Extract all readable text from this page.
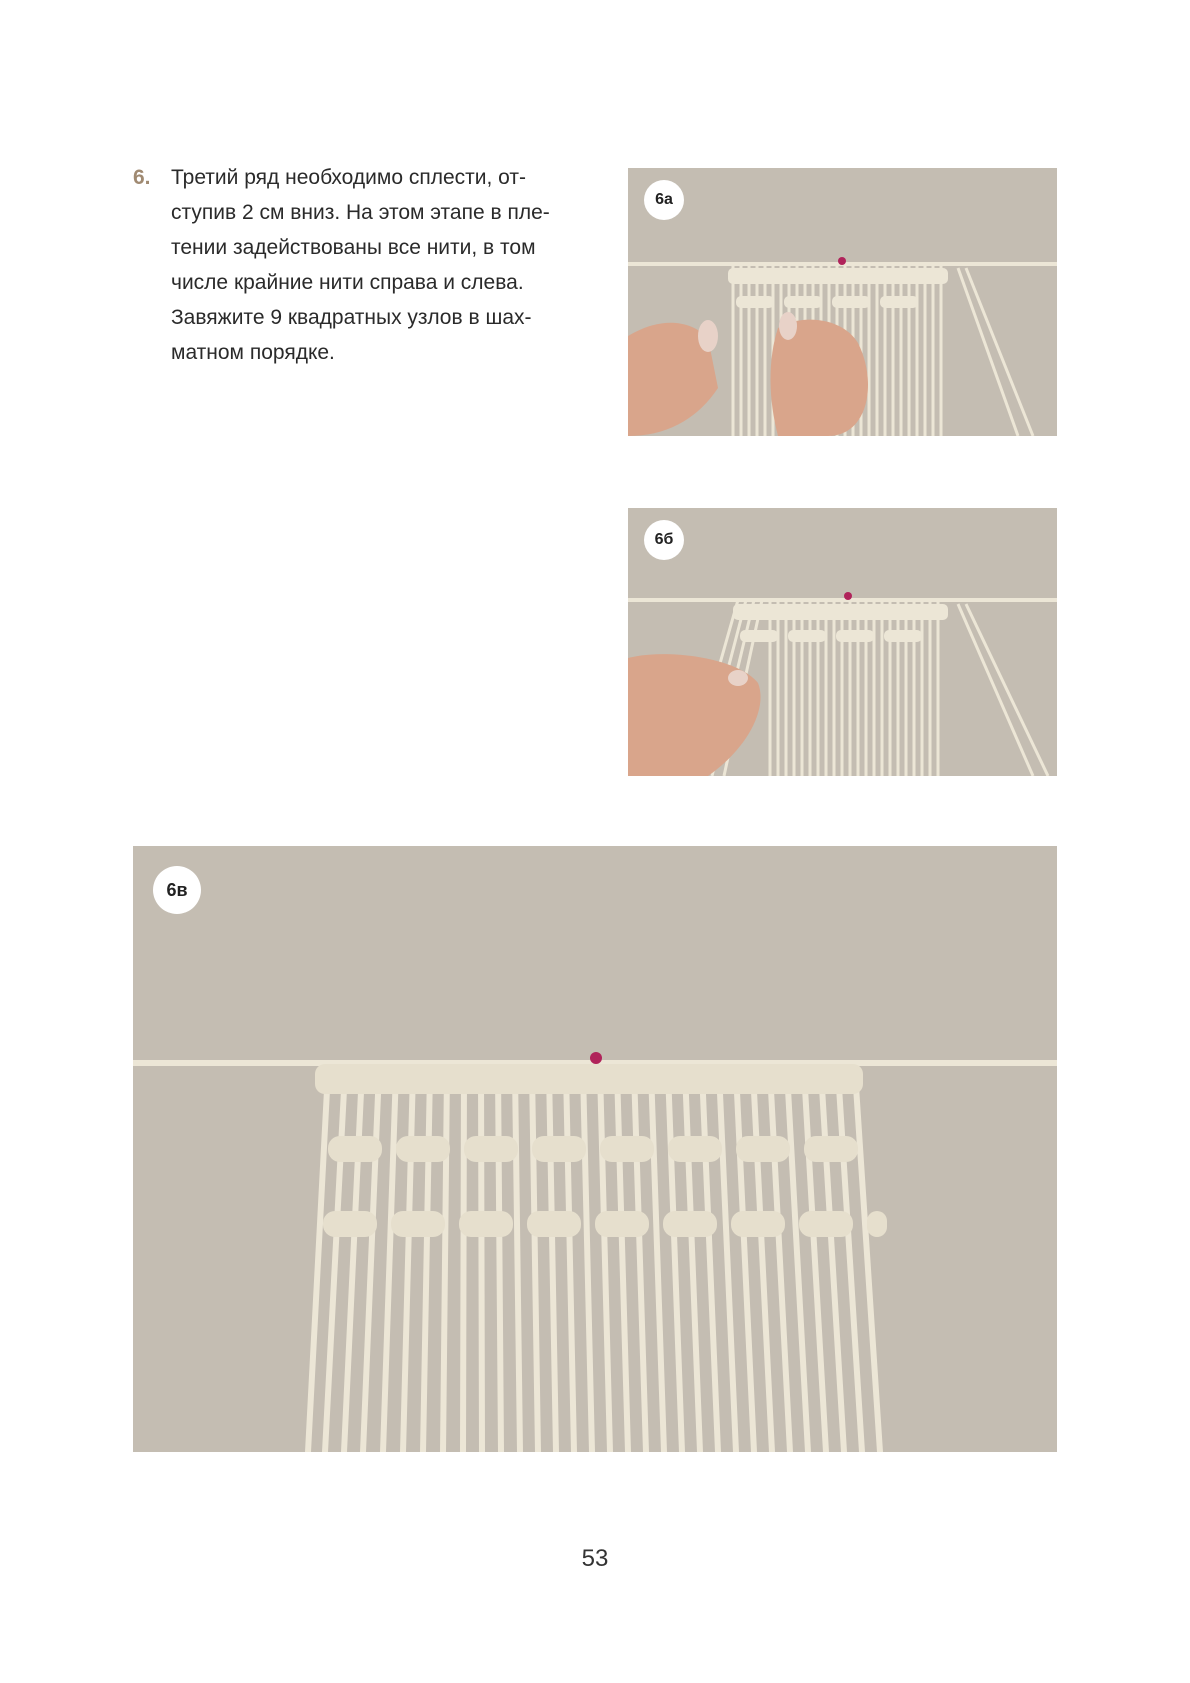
6. Третий ряд необходимо сплести, от-
ступив 2 см вниз. На этом этапе в пле-
тении задействованы все нити, в том
числе крайние нити справа и слева.
Завяжите 9 квадратных узлов в шах-
матном порядке.
6а
6б
6в
53
